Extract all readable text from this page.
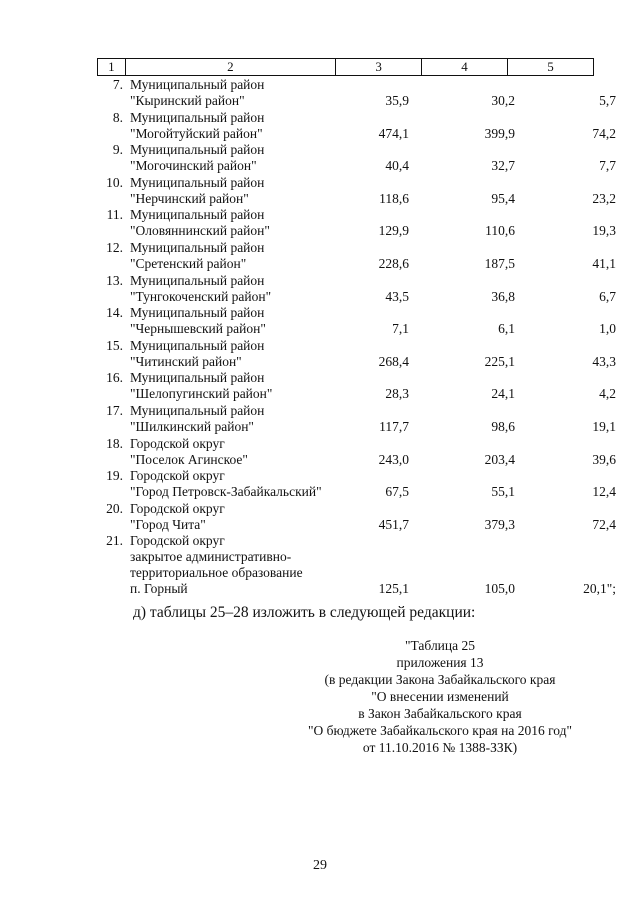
1	2	3	4	5
7. Муниципальный район
"Кыринский район"	35,9	30,2	5,7
8. Муниципальный район
"Могойтуйский район"	474,1	399,9	74,2
9. Муниципальный район
"Могочинский район"	40,4	32,7	7,7
10. Муниципальный район
"Нерчинский район"	118,6	95,4	23,2
11. Муниципальный район
"Оловяннинский район"	129,9	110,6	19,3
12. Муниципальный район
"Сретенский район"	228,6	187,5	41,1
13. Муниципальный район
"Тунгокоченский район"	43,5	36,8	6,7
14. Муниципальный район
"Чернышевский район"	7,1	6,1	1,0
15. Муниципальный район
"Читинский район"	268,4	225,1	43,3
16. Муниципальный район
"Шелопугинский район"	28,3	24,1	4,2
17. Муниципальный район
"Шилкинский район"	117,7	98,6	19,1
18. Городской округ
"Поселок Агинское"	243,0	203,4	39,6
19. Городской округ
"Город Петровск-Забайкальский"	67,5	55,1	12,4
20. Городской округ
"Город Чита"	451,7	379,3	72,4
21. Городской округ
закрытое административно-
территориальное образование
п. Горный	125,1	105,0	20,1";
д) таблицы 25–28 изложить в следующей редакции:
"Таблица 25
приложения 13
(в редакции Закона Забайкальского края
"О внесении изменений
в Закон Забайкальского края
"О бюджете Забайкальского края на 2016 год"
от 11.10.2016 № 1388-ЗЗК)
29
